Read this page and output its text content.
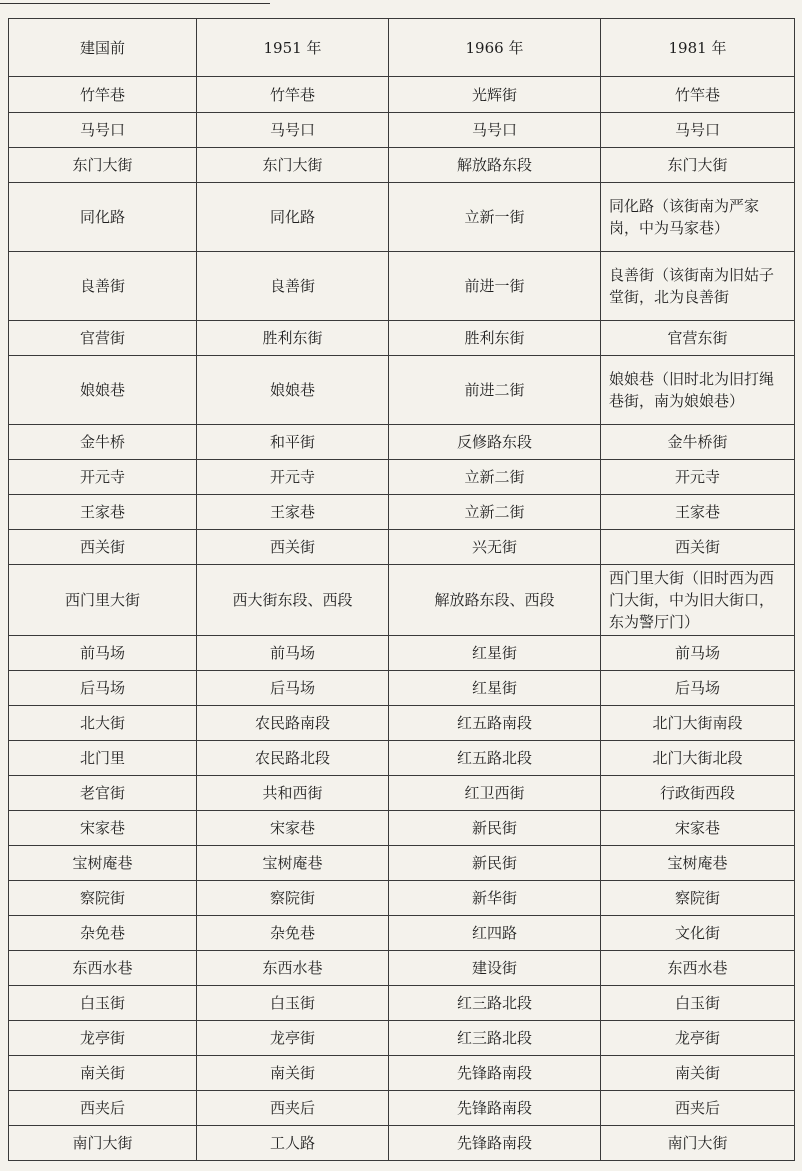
建国前	1951 年	1966 年	1981 年
竹竿巷	竹竿巷	光辉街	竹竿巷
马号口	马号口	马号口	马号口
东门大街	东门大街	解放路东段	东门大街
同化路	同化路	立新一街	同化路（该街南为严家岗，中为马家巷）
良善街	良善街	前进一街	良善街（该街南为旧姑子堂街，北为良善街
官营街	胜利东街	胜利东街	官营东街
娘娘巷	娘娘巷	前进二街	娘娘巷（旧时北为旧打绳巷街，南为娘娘巷）
金牛桥	和平街	反修路东段	金牛桥街
开元寺	开元寺	立新二街	开元寺
王家巷	王家巷	立新二街	王家巷
西关街	西关街	兴无街	西关街
西门里大街	西大街东段、西段	解放路东段、西段	西门里大街（旧时西为西门大街，中为旧大街口，东为警厅门）
前马场	前马场	红星街	前马场
后马场	后马场	红星街	后马场
北大街	农民路南段	红五路南段	北门大街南段
北门里	农民路北段	红五路北段	北门大街北段
老官街	共和西街	红卫西街	行政街西段
宋家巷	宋家巷	新民街	宋家巷
宝树庵巷	宝树庵巷	新民街	宝树庵巷
察院街	察院街	新华街	察院街
杂免巷	杂免巷	红四路	文化街
东西水巷	东西水巷	建设街	东西水巷
白玉街	白玉街	红三路北段	白玉街
龙亭街	龙亭街	红三路北段	龙亭街
南关街	南关街	先锋路南段	南关街
西夹后	西夹后	先锋路南段	西夹后
南门大街	工人路	先锋路南段	南门大街
